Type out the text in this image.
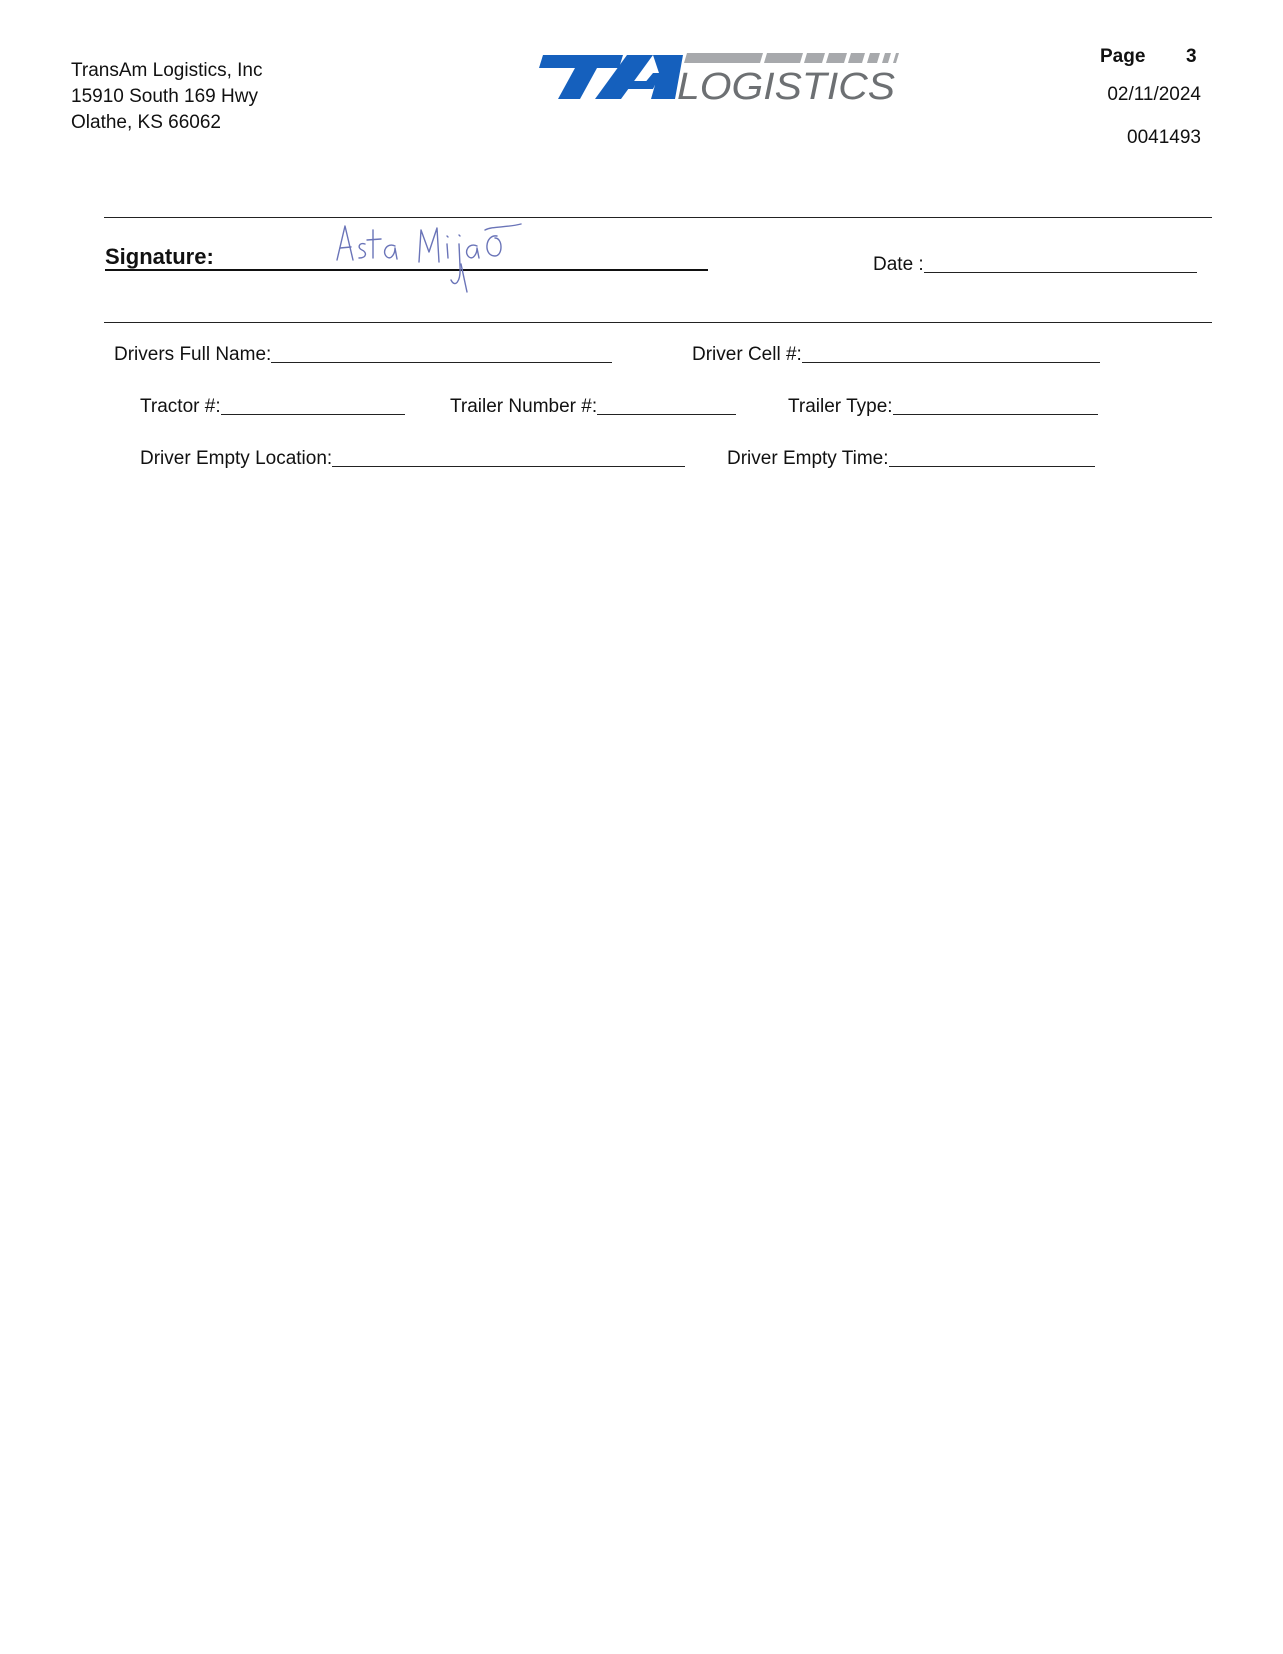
TransAm Logistics, Inc
15910 South 169 Hwy
Olathe, KS 66062
LOGISTICS
Page 3
02/11/2024
0041493
Signature:	Date :
Drivers Full Name:	Driver Cell #:
Tractor #:	Trailer Number #:	Trailer Type:
Driver Empty Location:	Driver Empty Time:
